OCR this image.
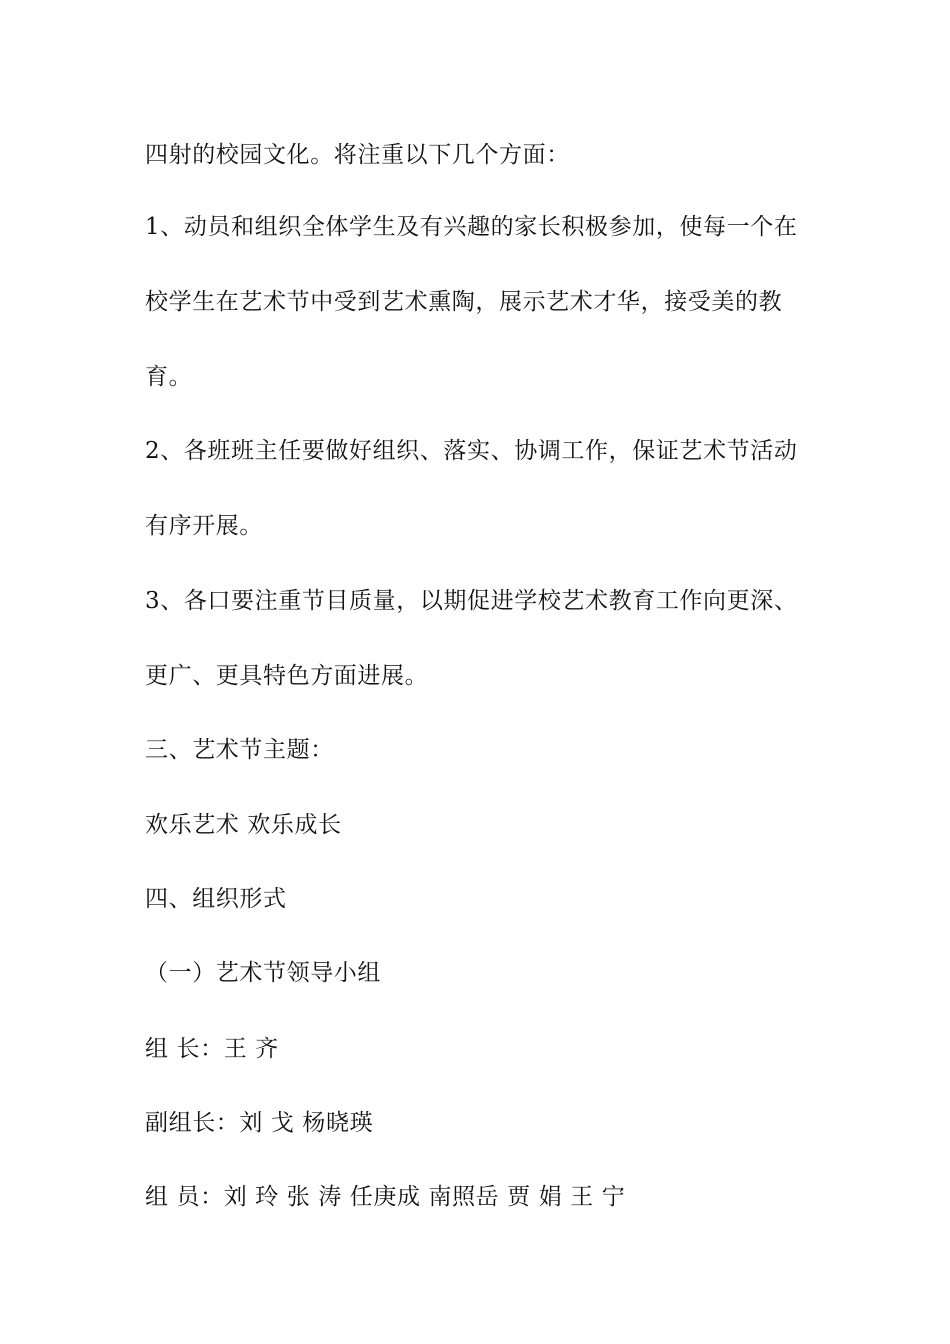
四射的校园文化。将注重以下几个方面：
1、动员和组织全体学生及有兴趣的家长积极参加，使每一个在
校学生在艺术节中受到艺术熏陶，展示艺术才华，接受美的教
育。
2、各班班主任要做好组织、落实、协调工作，保证艺术节活动
有序开展。
3、各口要注重节目质量，以期促进学校艺术教育工作向更深、
更广、更具特色方面进展。
三、艺术节主题：
欢乐艺术 欢乐成长
四、组织形式
（一）艺术节领导小组
组 长：王 齐
副组长：刘 戈 杨晓瑛
组 员：刘 玲 张 涛 任庚成 南照岳 贾 娟 王 宁
